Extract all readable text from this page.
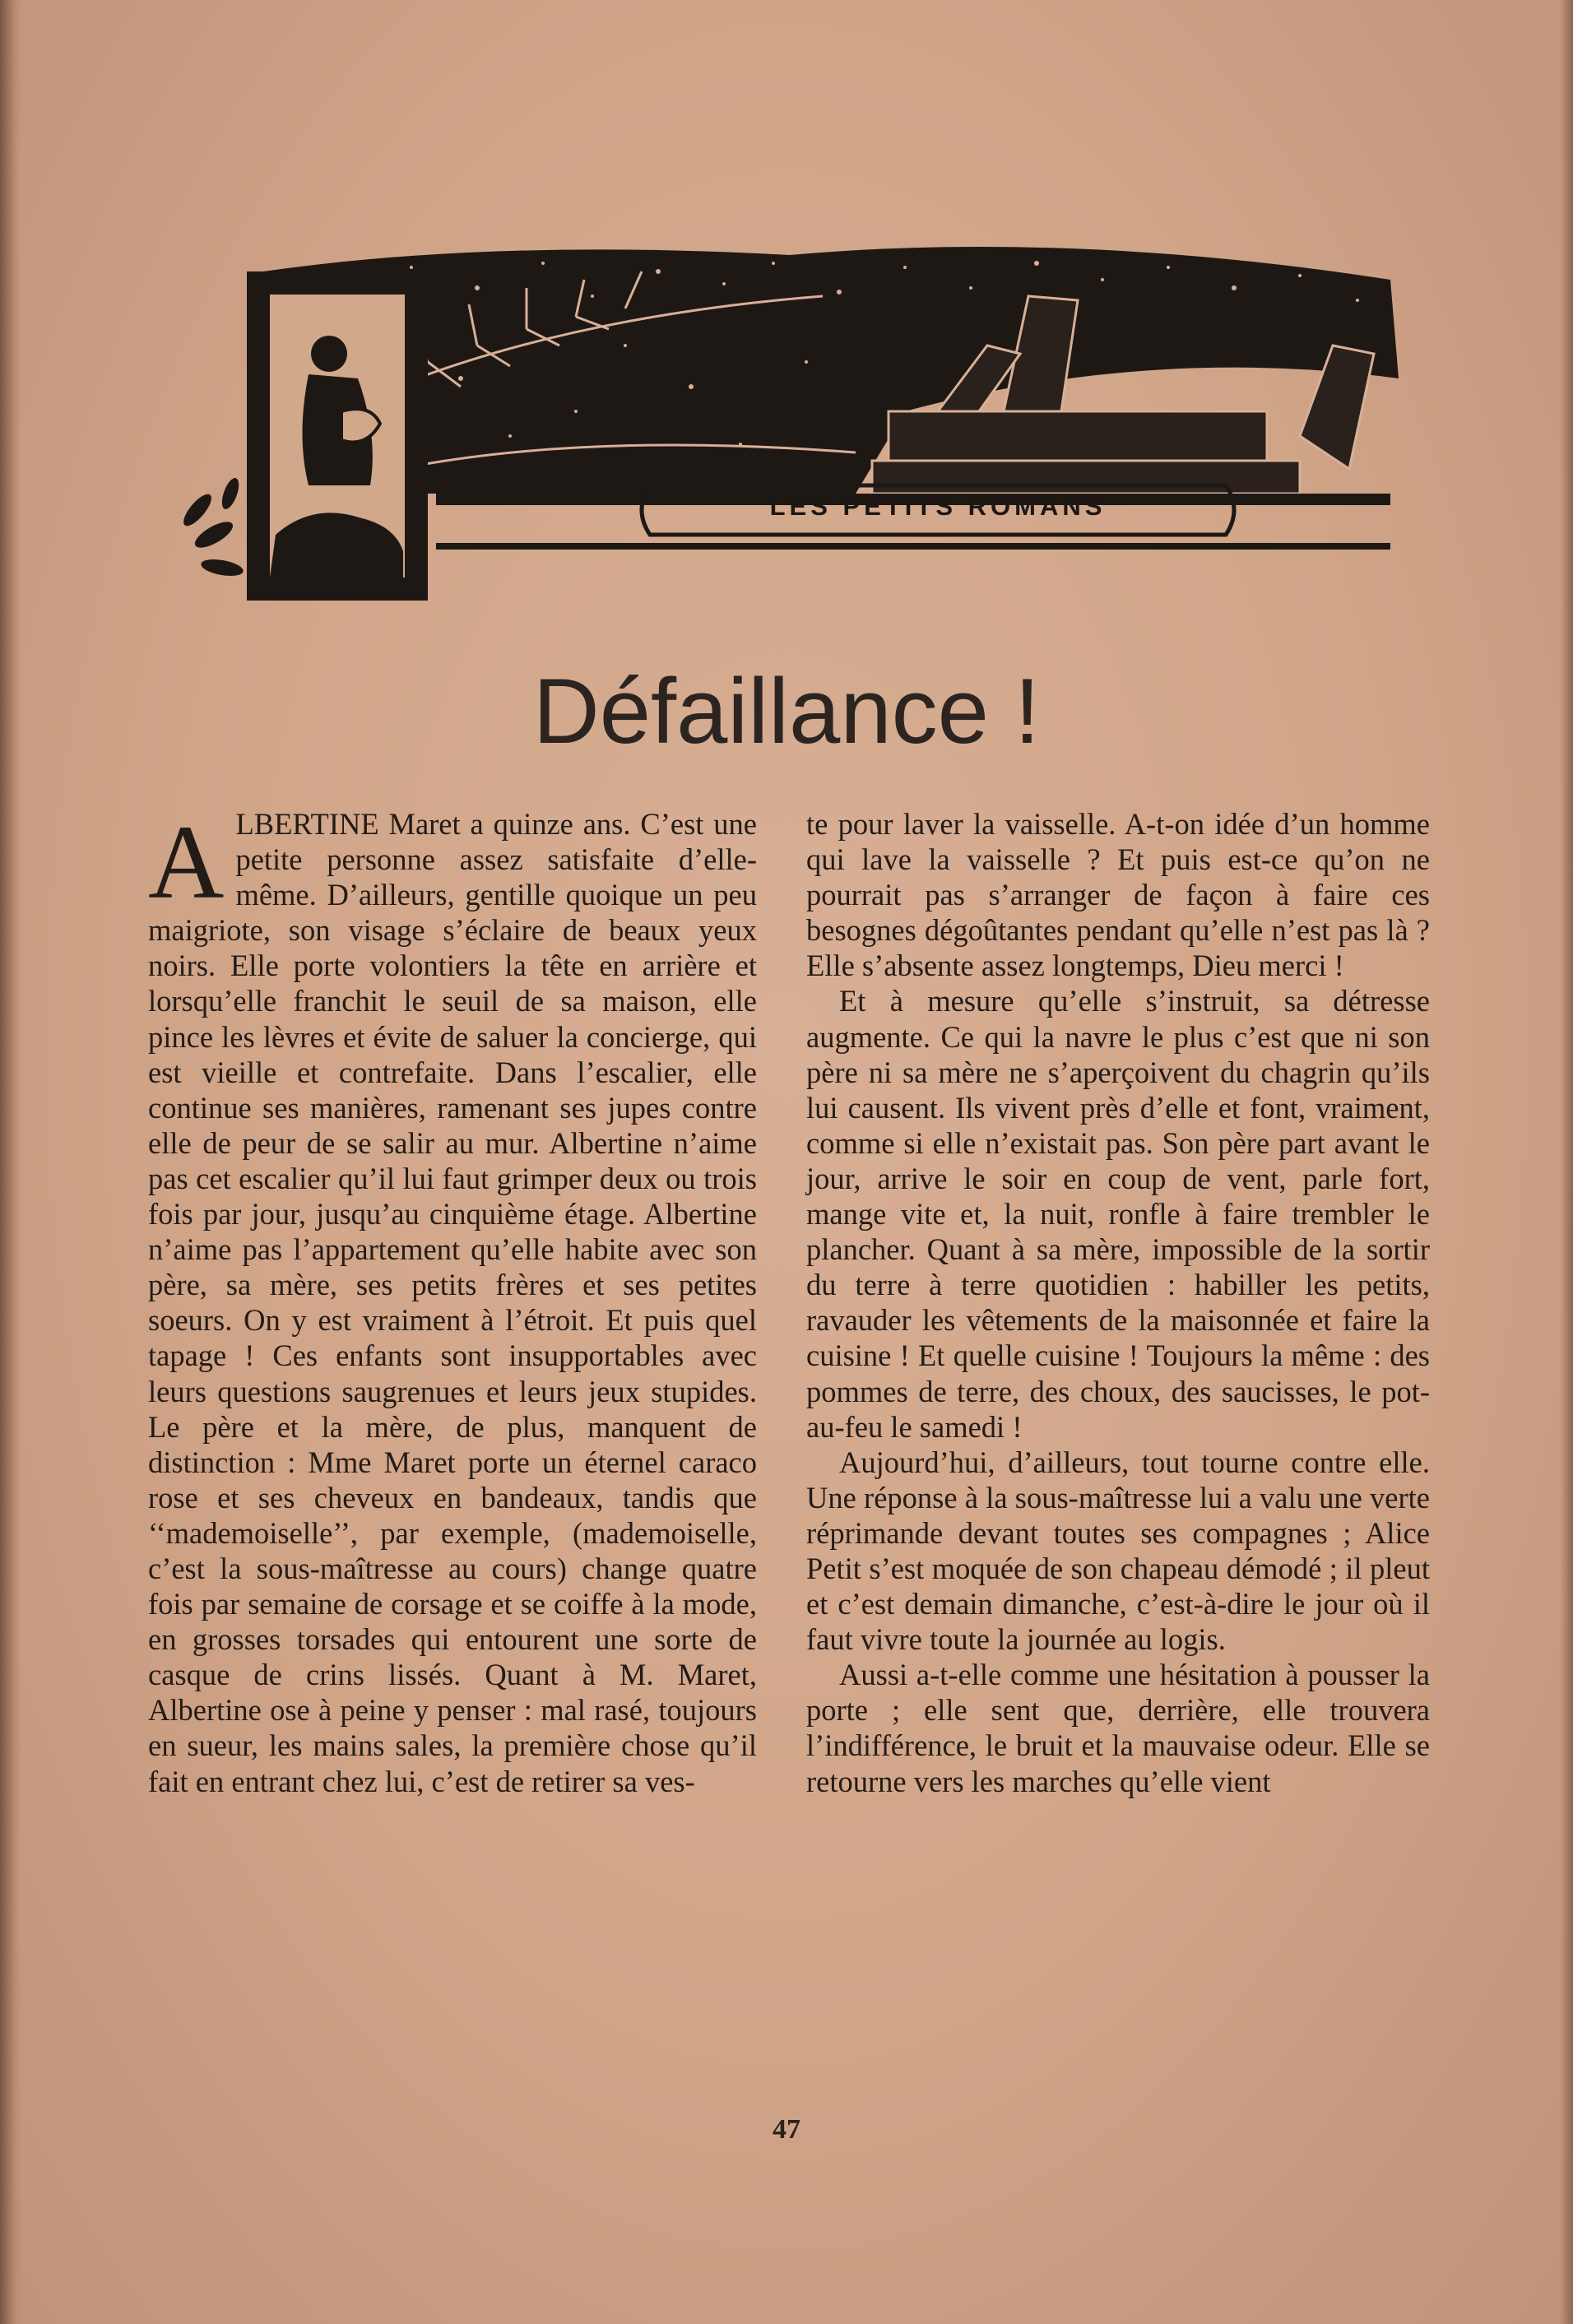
LES PETITS ROMANS
Défaillance !
A LBERTINE Maret a quinze ans. C’est une petite personne assez satisfaite d’elle-même. D’ailleurs, gentille quoique un peu maigriote, son visage s’éclaire de beaux yeux noirs. Elle porte volontiers la tête en arrière et lorsqu’elle franchit le seuil de sa maison, elle pince les lèvres et évite de saluer la concierge, qui est vieille et contrefaite. Dans l’escalier, elle continue ses manières, ramenant ses jupes contre elle de peur de se salir au mur. Albertine n’aime pas cet escalier qu’il lui faut grimper deux ou trois fois par jour, jusqu’au cinquième étage. Albertine n’aime pas l’appartement qu’elle habite avec son père, sa mère, ses petits frères et ses petites soeurs. On y est vraiment à l’étroit. Et puis quel tapage ! Ces enfants sont insupportables avec leurs questions saugrenues et leurs jeux stupides. Le père et la mère, de plus, manquent de distinction : Mme Maret porte un éternel caraco rose et ses cheveux en bandeaux, tandis que ‘‘mademoiselle’’, par exemple, (mademoiselle, c’est la sous-maîtresse au cours) change quatre fois par semaine de corsage et se coiffe à la mode, en grosses torsades qui entourent une sorte de casque de crins lissés. Quant à M. Maret, Albertine ose à peine y penser : mal rasé, toujours en sueur, les mains sales, la première chose qu’il fait en entrant chez lui, c’est de retirer sa ves-

te pour laver la vaisselle. A-t-on idée d’un homme qui lave la vaisselle ? Et puis est-ce qu’on ne pourrait pas s’arranger de façon à faire ces besognes dégoûtantes pendant qu’elle n’est pas là ? Elle s’absente assez longtemps, Dieu merci !

Et à mesure qu’elle s’instruit, sa détresse augmente. Ce qui la navre le plus c’est que ni son père ni sa mère ne s’aperçoivent du chagrin qu’ils lui causent. Ils vivent près d’elle et font, vraiment, comme si elle n’existait pas. Son père part avant le jour, arrive le soir en coup de vent, parle fort, mange vite et, la nuit, ronfle à faire trembler le plancher. Quant à sa mère, impossible de la sortir du terre à terre quotidien : habiller les petits, ravauder les vêtements de la maisonnée et faire la cuisine ! Et quelle cuisine ! Toujours la même : des pommes de terre, des choux, des saucisses, le pot-au-feu le samedi !

Aujourd’hui, d’ailleurs, tout tourne contre elle. Une réponse à la sous-maîtresse lui a valu une verte réprimande devant toutes ses compagnes ; Alice Petit s’est moquée de son chapeau démodé ; il pleut et c’est demain dimanche, c’est-à-dire le jour où il faut vivre toute la journée au logis.

Aussi a-t-elle comme une hésitation à pousser la porte ; elle sent que, derrière, elle trouvera l’indifférence, le bruit et la mauvaise odeur. Elle se retourne vers les marches qu’elle vient

47
